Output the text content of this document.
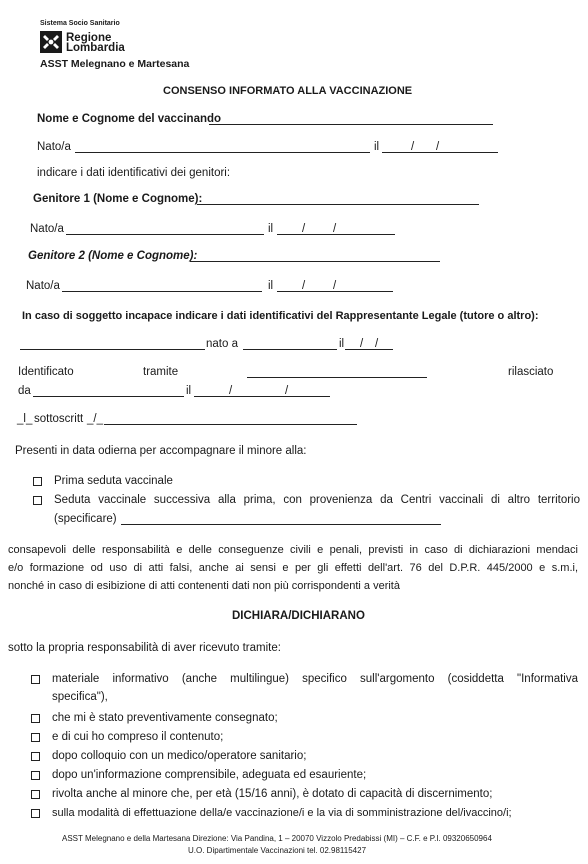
Sistema Socio Sanitario
Regione
Lombardia
ASST Melegnano e Martesana
CONSENSO INFORMATO ALLA VACCINAZIONE
Nome e Cognome del vaccinando
Nato/a	il	/ /
indicare i dati identificativi dei genitori:
Genitore 1 (Nome e Cognome):
Nato/a	il	/ /
Genitore 2 (Nome e Cognome):
Nato/a	il	/ /
In caso di soggetto incapace indicare i dati identificativi del Rappresentante Legale (tutore o altro):
nato a	il / /
Identificato	tramite	rilasciato
da	il	/	/
_l_ sottoscritt _/_
Presenti in data odierna per accompagnare il minore alla:
Prima seduta vaccinale
Seduta vaccinale successiva alla prima, con provenienza da Centri vaccinali di altro territorio
(specificare)
consapevoli delle responsabilità e delle conseguenze civili e penali, previsti in caso di dichiarazioni mendaci
e/o formazione od uso di atti falsi, anche ai sensi e per gli effetti dell'art. 76 del D.P.R. 445/2000 e s.m.i,
nonché in caso di esibizione di atti contenenti dati non più corrispondenti a verità
DICHIARA/DICHIARANO
sotto la propria responsabilità di aver ricevuto tramite:
materiale informativo (anche multilingue) specifico sull'argomento (cosiddetta "Informativa
specifica"),
che mi è stato preventivamente consegnato;
e di cui ho compreso il contenuto;
dopo colloquio con un medico/operatore sanitario;
dopo un'informazione comprensibile, adeguata ed esauriente;
rivolta anche al minore che, per età (15/16 anni), è dotato di capacità di discernimento;
sulla modalità di effettuazione della/e vaccinazione/i e la via di somministrazione del/ivaccino/i;
ASST Melegnano e della Martesana Direzione: Via Pandina, 1 – 20070 Vizzolo Predabissi (MI) – C.F. e P.I. 09320650964
U.O. Dipartimentale Vaccinazioni tel. 02.98115427
